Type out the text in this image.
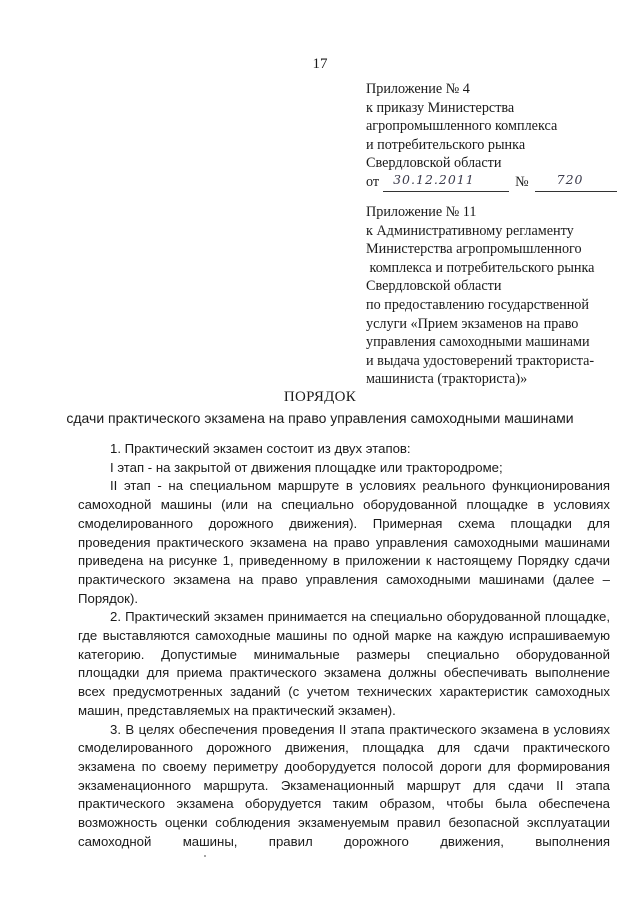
17
Приложение № 4
к приказу Министерства
агропромышленного комплекса
и потребительского рынка
Свердловской области
от 30.12.2011	№ 720
Приложение № 11
к Административному регламенту
Министерства агропромышленного
комплекса и потребительского рынка
Свердловской области
по предоставлению государственной
услуги «Прием экзаменов на право
управления самоходными машинами
и выдача удостоверений тракториста-
машиниста (тракториста)»
ПОРЯДОК
сдачи практического экзамена на право управления самоходными машинами

1. Практический экзамен состоит из двух этапов:

I этап - на закрытой от движения площадке или трактородроме;

II этап - на специальном маршруте в условиях реального функционирования самоходной машины (или на специально оборудованной площадке в условиях смоделированного дорожного движения). Примерная схема площадки для проведения практического экзамена на право управления самоходными машинами приведена на рисунке 1, приведенному в приложении к настоящему Порядку сдачи практического экзамена на право управления самоходными машинами (далее – Порядок).

2. Практический экзамен принимается на специально оборудованной площадке, где выставляются самоходные машины по одной марке на каждую испрашиваемую категорию. Допустимые минимальные размеры специально оборудованной площадки для приема практического экзамена должны обеспечивать выполнение всех предусмотренных заданий (с учетом технических характеристик самоходных машин, представляемых на практический экзамен).

3. В целях обеспечения проведения II этапа практического экзамена в условиях смоделированного дорожного движения, площадка для сдачи практического экзамена по своему периметру дооборудуется полосой дороги для формирования экзаменационного маршрута. Экзаменационный маршрут для сдачи II этапа практического экзамена оборудуется таким образом, чтобы была обеспечена возможность оценки соблюдения экзаменуемым правил безопасной эксплуатации самоходной машины, правил дорожного движения, выполнения
